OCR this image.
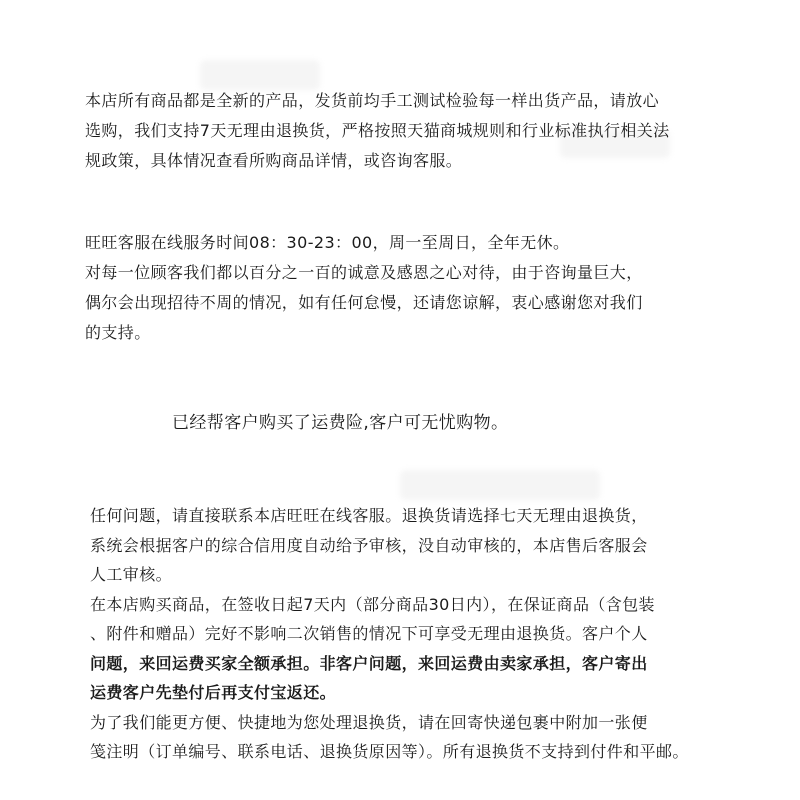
本店所有商品都是全新的产品，发货前均手工测试检验每一样出货产品，请放心
选购，我们支持7天无理由退换货，严格按照天猫商城规则和行业标准执行相关法
规政策，具体情况查看所购商品详情，或咨询客服。
旺旺客服在线服务时间08：30-23：00，周一至周日，全年无休。
对每一位顾客我们都以百分之一百的诚意及感恩之心对待，由于咨询量巨大，
偶尔会出现招待不周的情况，如有任何怠慢，还请您谅解，衷心感谢您对我们
的支持。
已经帮客户购买了运费险,客户可无忧购物。
任何问题，请直接联系本店旺旺在线客服。退换货请选择七天无理由退换货，
系统会根据客户的综合信用度自动给予审核，没自动审核的，本店售后客服会
人工审核。
在本店购买商品，在签收日起7天内（部分商品30日内），在保证商品（含包装
、附件和赠品）完好不影响二次销售的情况下可享受无理由退换货。客户个人
问题，来回运费买家全额承担。非客户问题，来回运费由卖家承担，客户寄出
运费客户先垫付后再支付宝返还。
为了我们能更方便、快捷地为您处理退换货，请在回寄快递包裹中附加一张便
笺注明（订单编号、联系电话、退换货原因等）。所有退换货不支持到付件和平邮。
